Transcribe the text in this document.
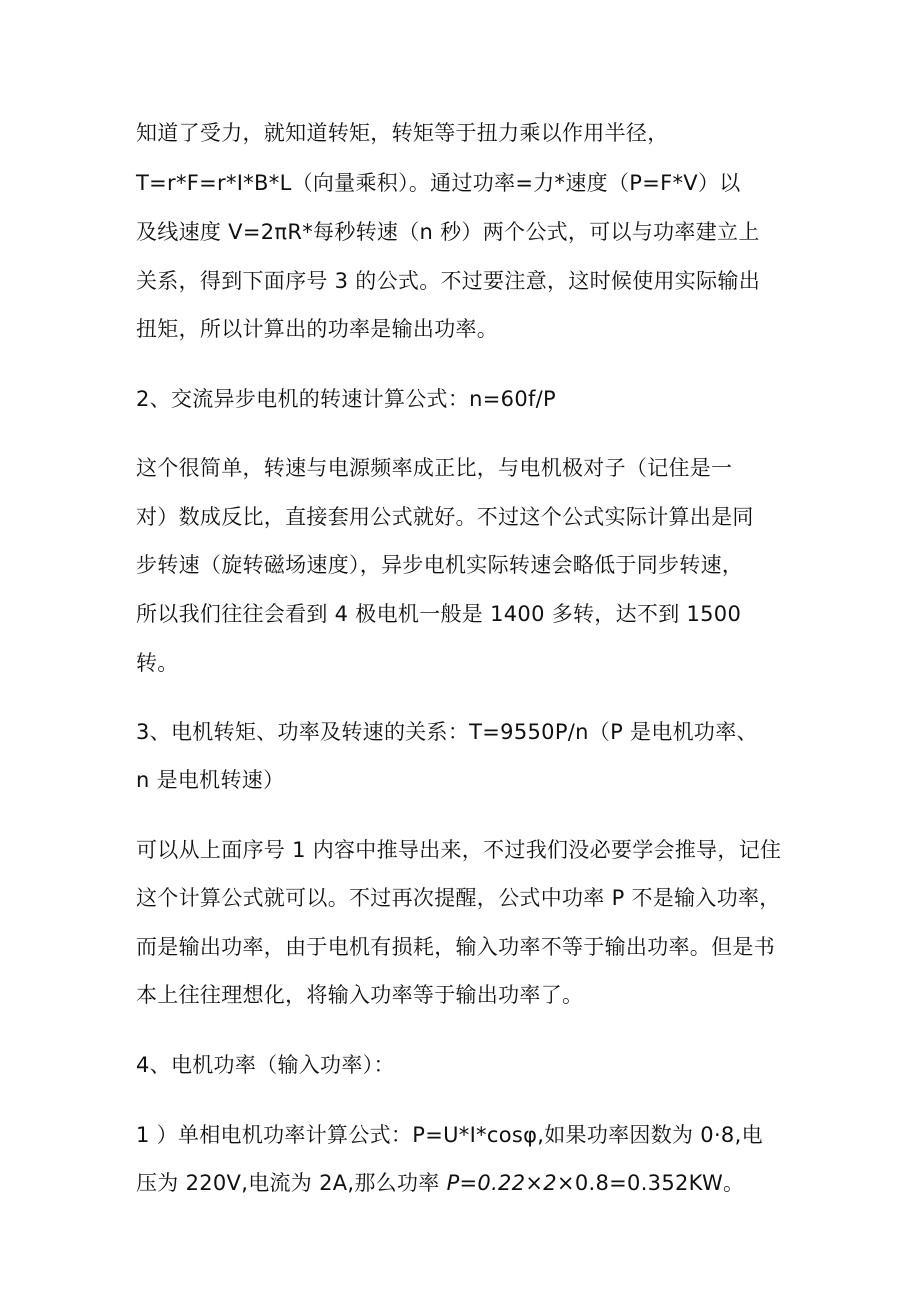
知道了受力，就知道转矩，转矩等于扭力乘以作用半径，
T=r*F=r*I*B*L（向量乘积）。通过功率=力*速度（P=F*V）以
及线速度 V=2πR*每秒转速（n 秒）两个公式，可以与功率建立上
关系，得到下面序号 3 的公式。不过要注意，这时候使用实际输出
扭矩，所以计算出的功率是输出功率。
2、交流异步电机的转速计算公式：n=60f/P
这个很简单，转速与电源频率成正比，与电机极对子（记住是一
对）数成反比，直接套用公式就好。不过这个公式实际计算出是同
步转速（旋转磁场速度），异步电机实际转速会略低于同步转速，
所以我们往往会看到 4 极电机一般是 1400 多转，达不到 1500
转。
3、电机转矩、功率及转速的关系：T=9550P/n（P 是电机功率、
n 是电机转速）
可以从上面序号 1 内容中推导出来，不过我们没必要学会推导，记住
这个计算公式就可以。不过再次提醒，公式中功率 P 不是输入功率，
而是输出功率，由于电机有损耗，输入功率不等于输出功率。但是书
本上往往理想化，将输入功率等于输出功率了。
4、电机功率（输入功率）：
1 ）单相电机功率计算公式：P=U*I*cosφ,如果功率因数为 0·8,电
压为 220V,电流为 2A,那么功率 P=0.22×2×0.8=0.352KW。
